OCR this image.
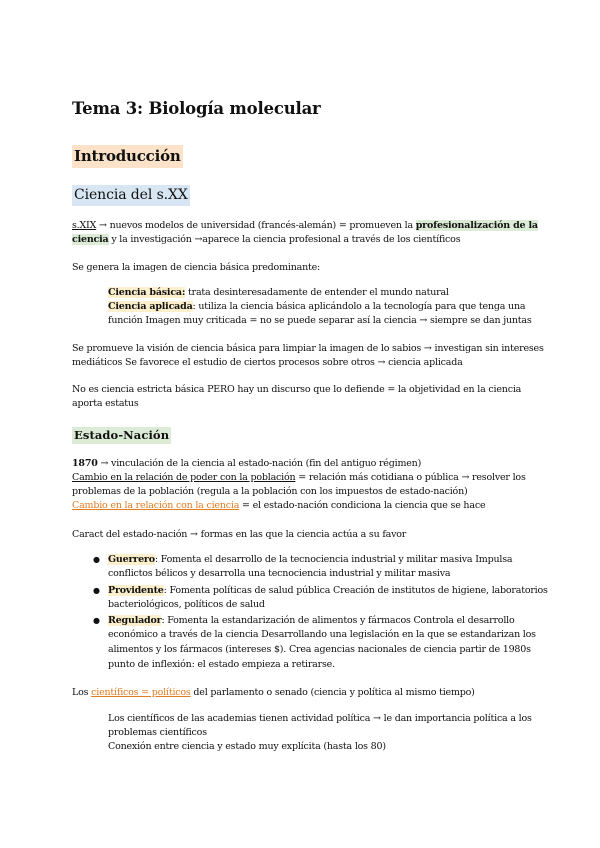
Tema 3: Biología molecular
Introducción
Ciencia del s.XX
s.XIX → nuevos modelos de universidad (francés-alemán) = promueven la profesionalización de la
ciencia y la investigación →aparece la ciencia profesional a través de los científicos
Se genera la imagen de ciencia básica predominante:
Ciencia básica: trata desinteresadamente de entender el mundo natural
Ciencia aplicada: utiliza la ciencia básica aplicándolo a la tecnología para que tenga una
función Imagen muy criticada = no se puede separar así la ciencia → siempre se dan juntas
Se promueve la visión de ciencia básica para limpiar la imagen de lo sabios → investigan sin intereses
mediáticos Se favorece el estudio de ciertos procesos sobre otros → ciencia aplicada
No es ciencia estricta básica PERO hay un discurso que lo defiende = la objetividad en la ciencia
aporta estatus
Estado-Nación
1870 → vinculación de la ciencia al estado-nación (fin del antiguo régimen)
Cambio en la relación de poder con la población = relación más cotidiana o pública → resolver los
problemas de la población (regula a la población con los impuestos de estado-nación)
Cambio en la relación con la ciencia = el estado-nación condiciona la ciencia que se hace
Caract del estado-nación → formas en las que la ciencia actúa a su favor
● Guerrero: Fomenta el desarrollo de la tecnociencia industrial y militar masiva Impulsa
conflictos bélicos y desarrolla una tecnociencia industrial y militar masiva
● Providente: Fomenta políticas de salud pública Creación de institutos de higiene, laboratorios
bacteriológicos, políticos de salud
● Regulador: Fomenta la estandarización de alimentos y fármacos Controla el desarrollo
económico a través de la ciencia Desarrollando una legislación en la que se estandarizan los
alimentos y los fármacos (intereses $). Crea agencias nacionales de ciencia partir de 1980s
punto de inflexión: el estado empieza a retirarse.
Los científicos = políticos del parlamento o senado (ciencia y política al mismo tiempo)
Los científicos de las academias tienen actividad política → le dan importancia política a los
problemas científicos
Conexión entre ciencia y estado muy explícita (hasta los 80)
